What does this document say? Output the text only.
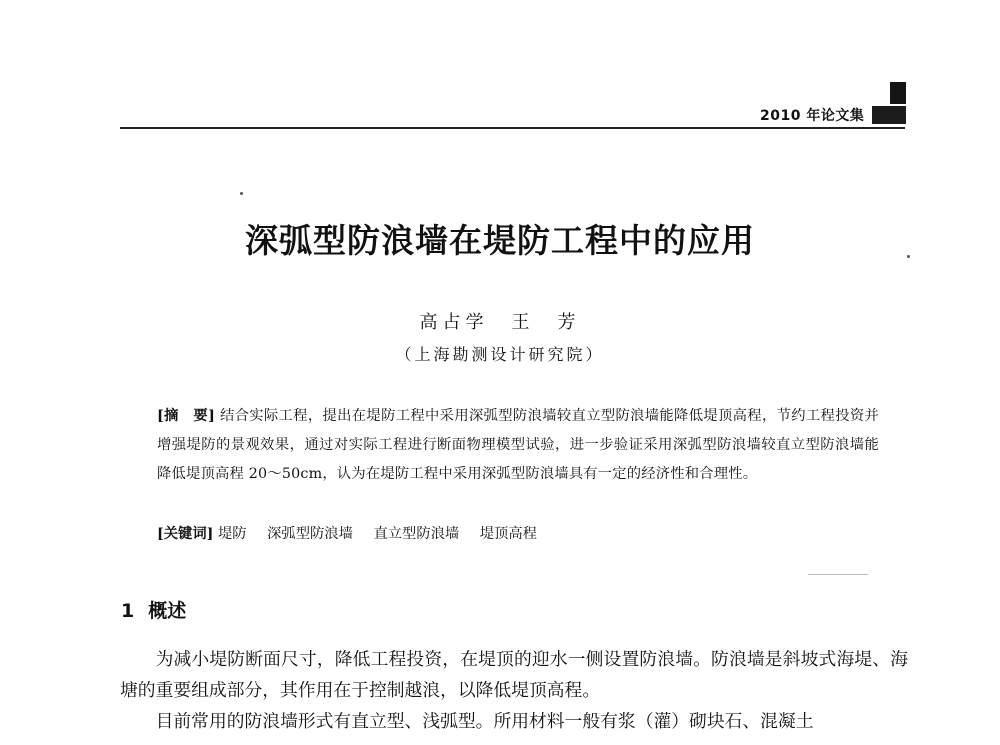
2010 年论文集
深弧型防浪墙在堤防工程中的应用
高占学　王　芳
（上海勘测设计研究院）
[摘　要] 结合实际工程，提出在堤防工程中采用深弧型防浪墙较直立型防浪墙能降低堤顶高程，节约工程投资并增强堤防的景观效果，通过对实际工程进行断面物理模型试验，进一步验证采用深弧型防浪墙较直立型防浪墙能降低堤顶高程 20～50cm，认为在堤防工程中采用深弧型防浪墙具有一定的经济性和合理性。
[关键词] 堤防 深弧型防浪墙 直立型防浪墙 堤顶高程
1 概述

为减小堤防断面尺寸，降低工程投资，在堤顶的迎水一侧设置防浪墙。防浪墙是斜坡式海堤、海塘的重要组成部分，其作用在于控制越浪，以降低堤顶高程。

目前常用的防浪墙形式有直立型、浅弧型。所用材料一般有浆（灌）砌块石、混凝土
